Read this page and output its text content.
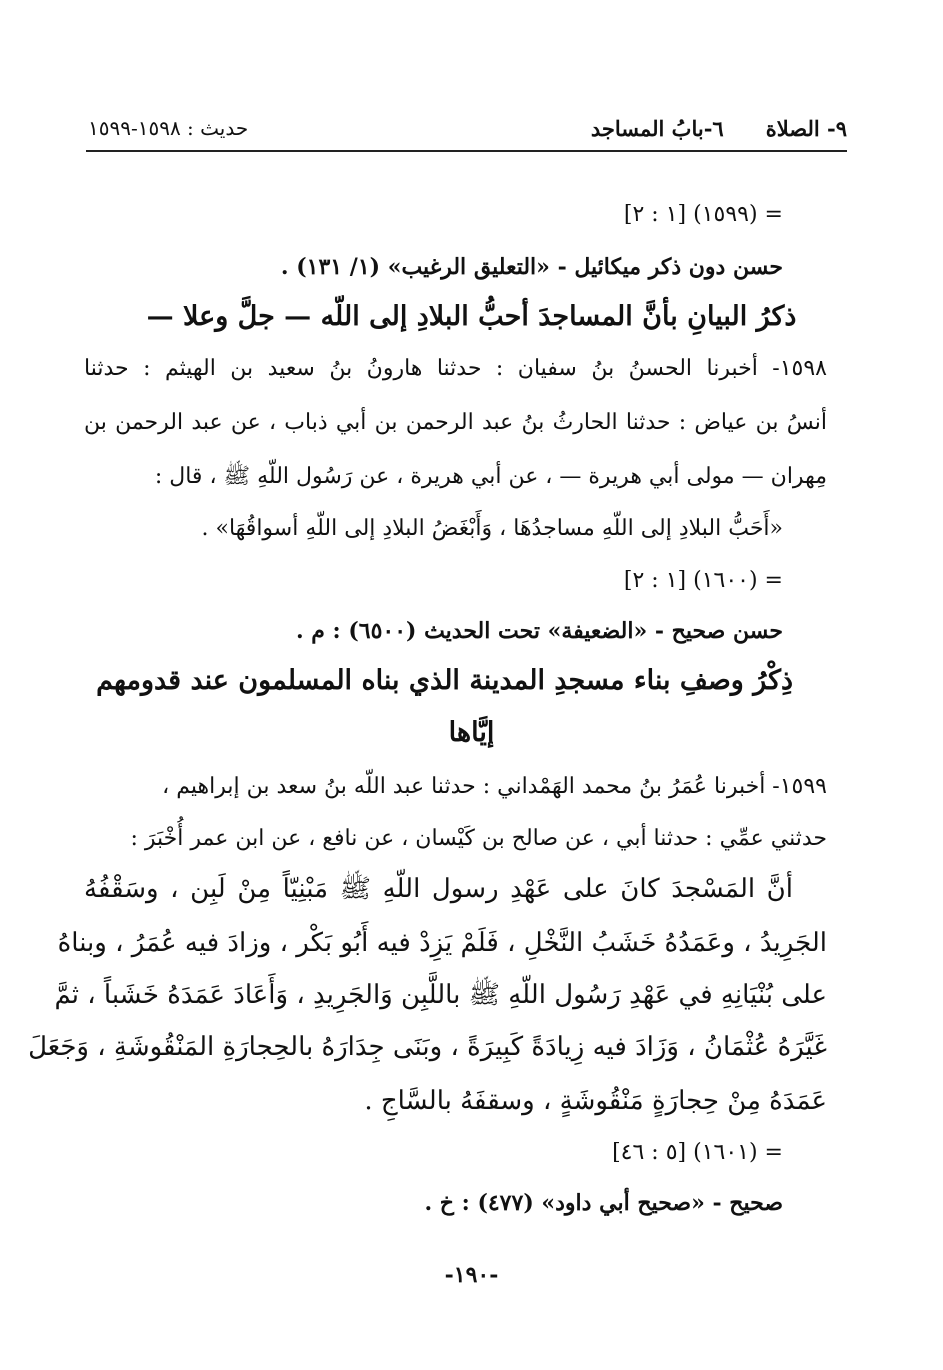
٩- الصلاة
٦-بابُ المساجد
حديث : ١٥٩٨-١٥٩٩
= (١٥٩٩) [١ : ٢]
حسن دون ذكر ميكائيل - «التعليق الرغيب» (١/ ١٣١) .
ذكرُ البيانِ بأنَّ المساجدَ أحبُّ البلادِ إلى اللّه — جلَّ وعلا —
١٥٩٨- أخبرنا الحسنُ بنُ سفيان : حدثنا هارونُ بنُ سعيد بن الهيثم : حدثنا
أنسُ بن عياض : حدثنا الحارثُ بنُ عبد الرحمن بن أبي ذباب ، عن عبد الرحمن بن
مِهران — مولى أبي هريرة — ، عن أبي هريرة ، عن رَسُول اللّهِ ﷺ ، قال :
«أَحَبُّ البلادِ إلى اللّهِ مساجدُهَا ، وَأَبْغَضُ البلادِ إلى اللّهِ أسواقُهَا» .
= (١٦٠٠) [١ : ٢]
حسن صحيح - «الضعيفة» تحت الحديث (٦٥٠٠) : م .
ذِكْرُ وصفِ بناء مسجدِ المدينة الذي بناه المسلمون عند قدومهم
إيَّاها
١٥٩٩- أخبرنا عُمَرُ بنُ محمد الهَمْداني : حدثنا عبد اللّه بنُ سعد بن إبراهيم ،
حدثني عمِّي : حدثنا أبي ، عن صالح بن كَيْسان ، عن نافع ، عن ابن عمر أُخْبَرَ :
أنَّ المَسْجدَ كانَ على عَهْدِ رسول اللّهِ ﷺ مَبْنِيّاً مِنْ لَبِن ، وسَقْفُهُ
الجَرِيدُ ، وعَمَدُهُ خَشَبُ النَّخْلِ ، فَلَمْ يَزِدْ فيه أَبُو بَكْر ، وزادَ فيه عُمَرُ ، وبناهُ
على بُنْيَانِهِ في عَهْدِ رَسُول اللّهِ ﷺ باللَّبِن وَالجَرِيدِ ، وَأَعَادَ عَمَدَهُ خَشَباً ، ثمَّ
غَيَّرَهُ عُثْمَانُ ، وَزَادَ فيه زِيادَةً كَبِيرَةً ، وبَنَى جِدَارَهُ بالحِجارَةِ المَنْقُوشَةِ ، وَجَعَلَ
عَمَدَهُ مِنْ حِجارَةٍ مَنْقُوشَةٍ ، وسقفَهُ بالسَّاجِ .
= (١٦٠١) [٥ : ٤٦]
صحيح - «صحيح أبي داود» (٤٧٧) : خ .
-١٩٠-
